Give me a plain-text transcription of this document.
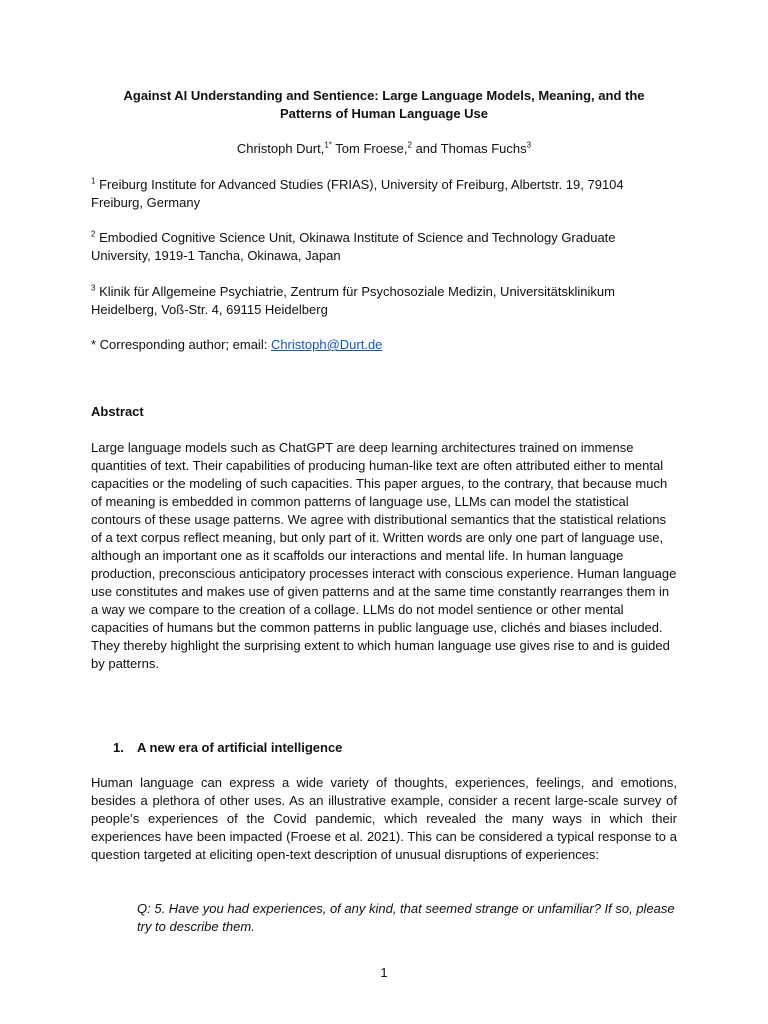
Against AI Understanding and Sentience: Large Language Models, Meaning, and the
Patterns of Human Language Use
Christoph Durt,$^{1*}$ Tom Froese,$^2$ and Thomas Fuchs$^3$

$^1$ Freiburg Institute for Advanced Studies (FRIAS), University of Freiburg, Albertstr. 19, 79104 Freiburg, Germany

$^2$ Embodied Cognitive Science Unit, Okinawa Institute of Science and Technology Graduate University, 1919-1 Tancha, Okinawa, Japan

$^3$ Klinik für Allgemeine Psychiatrie, Zentrum für Psychosoziale Medizin, Universitätsklinikum Heidelberg, Voß-Str. 4, 69115 Heidelberg

* Corresponding author; email: Christoph@Durt.de

Abstract

Large language models such as ChatGPT are deep learning architectures trained on immense quantities of text. Their capabilities of producing human-like text are often attributed either to mental capacities or the modeling of such capacities. This paper argues, to the contrary, that because much of meaning is embedded in common patterns of language use, LLMs can model the statistical contours of these usage patterns. We agree with distributional semantics that the statistical relations of a text corpus reflect meaning, but only part of it. Written words are only one part of language use, although an important one as it scaffolds our interactions and mental life. In human language production, preconscious anticipatory processes interact with conscious experience. Human language use constitutes and makes use of given patterns and at the same time constantly rearranges them in a way we compare to the creation of a collage. LLMs do not model sentience or other mental capacities of humans but the common patterns in public language use, clichés and biases included. They thereby highlight the surprising extent to which human language use gives rise to and is guided by patterns.

1. A new era of artificial intelligence

Human language can express a wide variety of thoughts, experiences, feelings, and emotions, besides a plethora of other uses. As an illustrative example, consider a recent large-scale survey of people’s experiences of the Covid pandemic, which revealed the many ways in which their experiences have been impacted (Froese et al. 2021). This can be considered a typical response to a question targeted at eliciting open-text description of unusual disruptions of experiences:

Q: 5. Have you had experiences, of any kind, that seemed strange or unfamiliar? If so, please try to describe them.

1
